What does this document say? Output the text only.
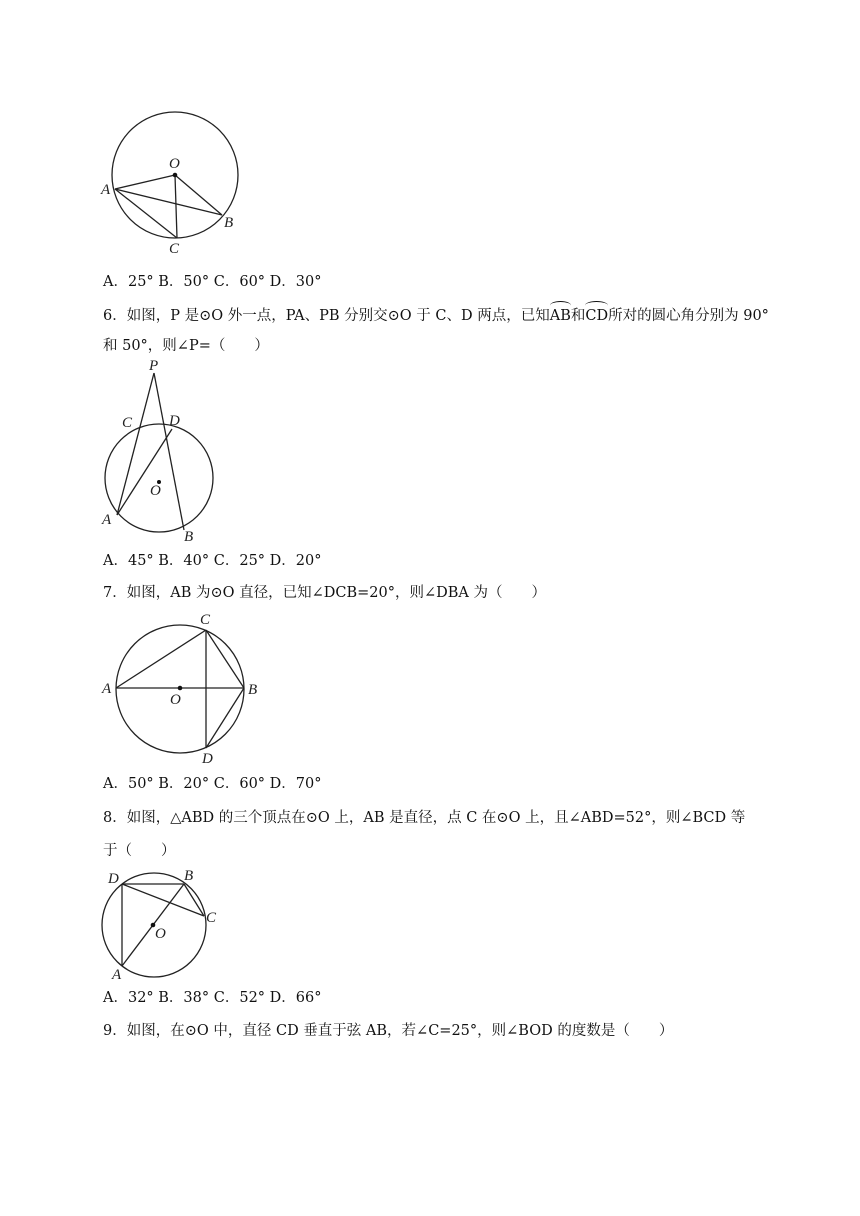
O
A
B
C
A．25° B．50° C．60° D．30°
6．如图，P 是⊙O 外一点，PA、PB 分别交⊙O 于 C、D 两点，已知AB和CD所对的圆心角分别为 90°
和 50°，则∠P=（　　）
P
C D
O
A
B
A．45° B．40° C．25° D．20°
7．如图，AB 为⊙O 直径，已知∠DCB=20°，则∠DBA 为（　　）
C
A	B
O
D
A．50° B．20° C．60° D．70°
8．如图，△ABD 的三个顶点在⊙O 上，AB 是直径，点 C 在⊙O 上，且∠ABD=52°，则∠BCD 等
于（　　）
D	B
C
O
A
A．32° B．38° C．52° D．66°
9．如图，在⊙O 中，直径 CD 垂直于弦 AB，若∠C=25°，则∠BOD 的度数是（　　）
